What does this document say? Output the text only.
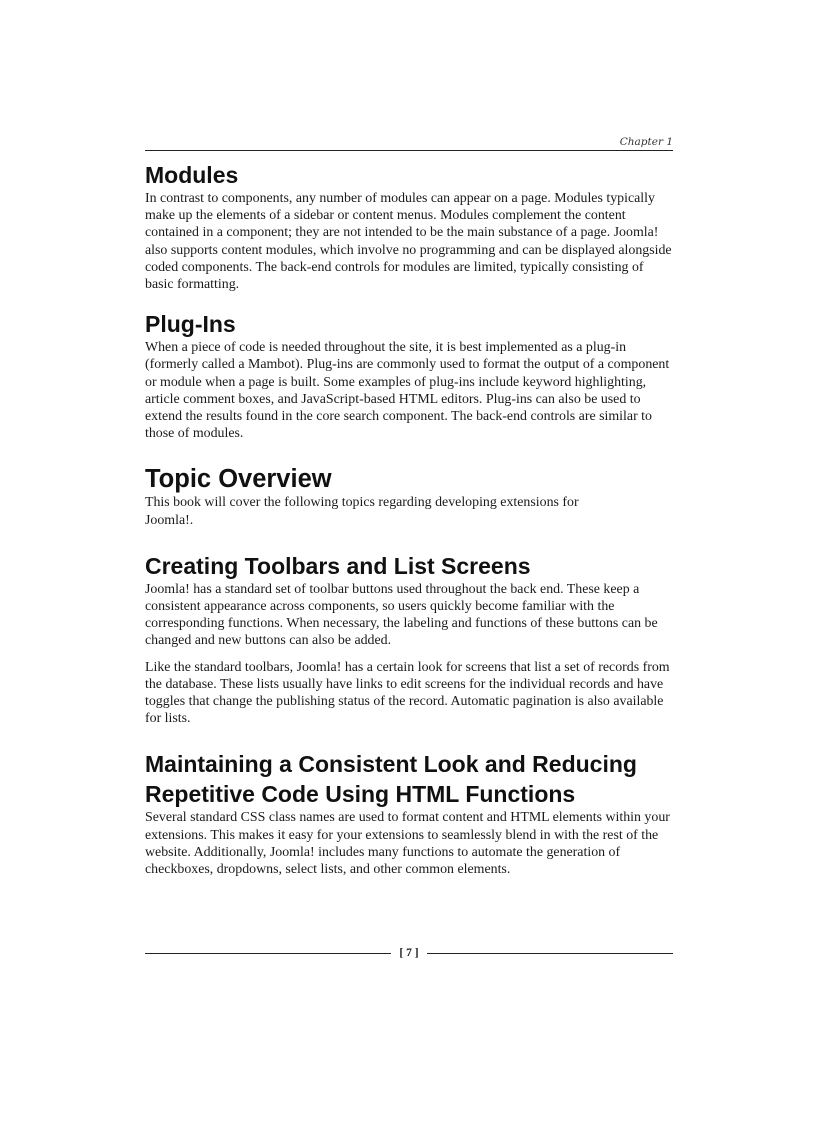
Chapter 1
Modules

In contrast to components, any number of modules can appear on a page. Modules typically make up the elements of a sidebar or content menus. Modules complement the content contained in a component; they are not intended to be the main substance of a page. Joomla! also supports content modules, which involve no programming and can be displayed alongside coded components. The back-end controls for modules are limited, typically consisting of basic formatting.

Plug-Ins

When a piece of code is needed throughout the site, it is best implemented as a plug-in (formerly called a Mambot). Plug-ins are commonly used to format the output of a component or module when a page is built. Some examples of plug-ins include keyword highlighting, article comment boxes, and JavaScript-based HTML editors. Plug-ins can also be used to extend the results found in the core search component. The back-end controls are similar to those of modules.

Topic Overview

This book will cover the following topics regarding developing extensions for Joomla!.

Creating Toolbars and List Screens

Joomla! has a standard set of toolbar buttons used throughout the back end. These keep a consistent appearance across components, so users quickly become familiar with the corresponding functions. When necessary, the labeling and functions of these buttons can be changed and new buttons can also be added.

Like the standard toolbars, Joomla! has a certain look for screens that list a set of records from the database. These lists usually have links to edit screens for the individual records and have toggles that change the publishing status of the record. Automatic pagination is also available for lists.

Maintaining a Consistent Look and Reducing Repetitive Code Using HTML Functions

Several standard CSS class names are used to format content and HTML elements within your extensions. This makes it easy for your extensions to seamlessly blend in with the rest of the website. Additionally, Joomla! includes many functions to automate the generation of checkboxes, dropdowns, select lists, and other common elements.

[ 7 ]
